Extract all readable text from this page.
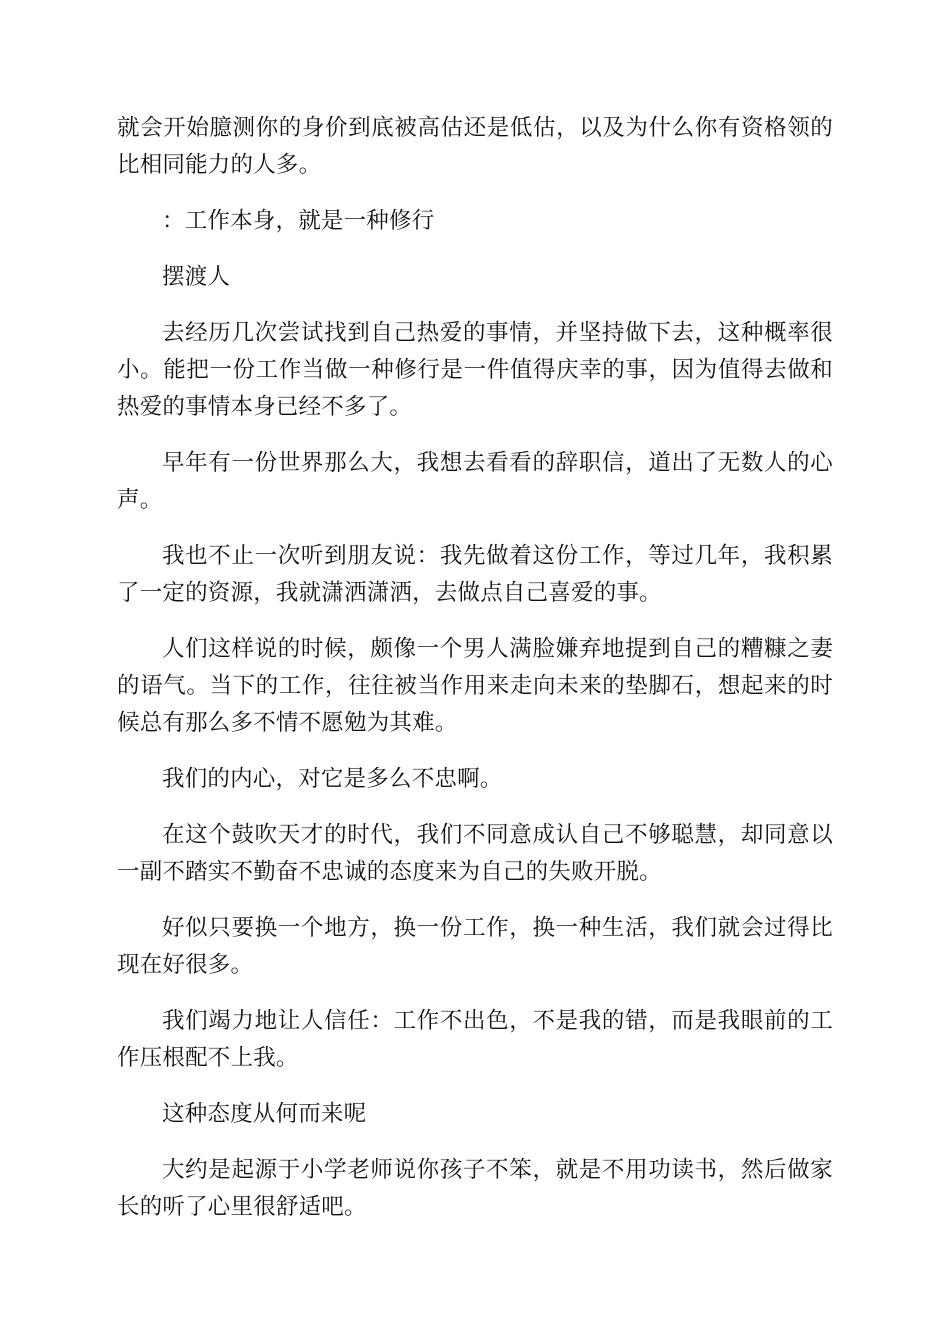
就会开始臆测你的身价到底被高估还是低估，以及为什么你有资格领的比相同能力的人多。

：工作本身，就是一种修行

摆渡人

去经历几次尝试找到自己热爱的事情，并坚持做下去，这种概率很小。能把一份工作当做一种修行是一件值得庆幸的事，因为值得去做和热爱的事情本身已经不多了。

早年有一份世界那么大，我想去看看的辞职信，道出了无数人的心声。

我也不止一次听到朋友说：我先做着这份工作，等过几年，我积累了一定的资源，我就潇洒潇洒，去做点自己喜爱的事。

人们这样说的时候，颇像一个男人满脸嫌弃地提到自己的糟糠之妻的语气。当下的工作，往往被当作用来走向未来的垫脚石，想起来的时候总有那么多不情不愿勉为其难。

我们的内心，对它是多么不忠啊。

在这个鼓吹天才的时代，我们不同意成认自己不够聪慧，却同意以一副不踏实不勤奋不忠诚的态度来为自己的失败开脱。

好似只要换一个地方，换一份工作，换一种生活，我们就会过得比现在好很多。

我们竭力地让人信任：工作不出色，不是我的错，而是我眼前的工作压根配不上我。

这种态度从何而来呢

大约是起源于小学老师说你孩子不笨，就是不用功读书，然后做家长的听了心里很舒适吧。
